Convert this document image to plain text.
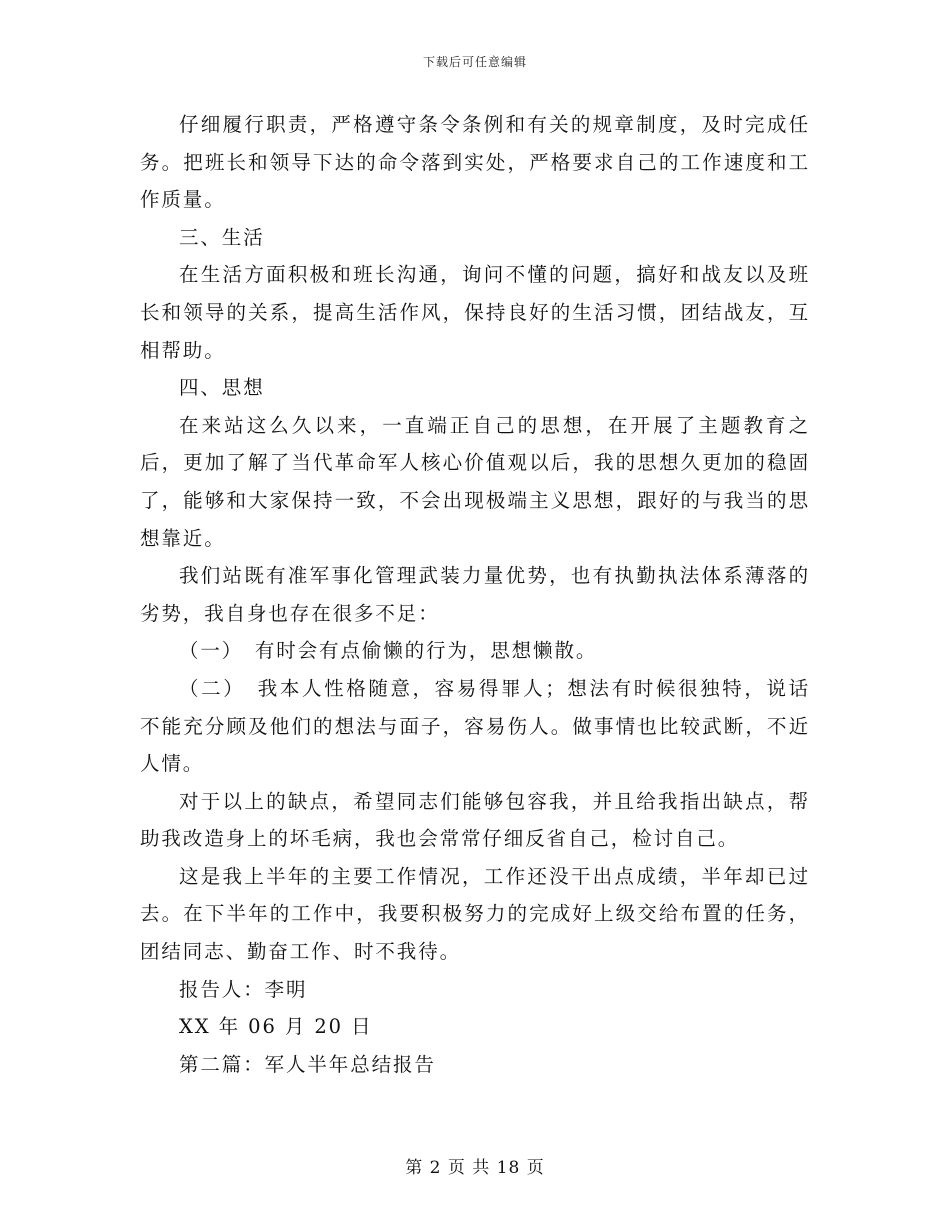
下载后可任意编辑

仔细履行职责，严格遵守条令条例和有关的规章制度，及时完成任务。把班长和领导下达的命令落到实处，严格要求自己的工作速度和工作质量。

三、生活

在生活方面积极和班长沟通，询问不懂的问题，搞好和战友以及班长和领导的关系，提高生活作风，保持良好的生活习惯，团结战友，互相帮助。

四、思想

在来站这么久以来，一直端正自己的思想，在开展了主题教育之后，更加了解了当代革命军人核心价值观以后，我的思想久更加的稳固了，能够和大家保持一致，不会出现极端主义思想，跟好的与我当的思想靠近。

我们站既有准军事化管理武装力量优势，也有执勤执法体系薄落的劣势，我自身也存在很多不足：

（一）　有时会有点偷懒的行为，思想懒散。

（二）　我本人性格随意，容易得罪人；想法有时候很独特，说话不能充分顾及他们的想法与面子，容易伤人。做事情也比较武断，不近人情。

对于以上的缺点，希望同志们能够包容我，并且给我指出缺点，帮助我改造身上的坏毛病，我也会常常仔细反省自己，检讨自己。

这是我上半年的主要工作情况，工作还没干出点成绩，半年却已过去。在下半年的工作中，我要积极努力的完成好上级交给布置的任务，团结同志、勤奋工作、时不我待。

报告人：李明

XX 年 06 月 20 日

第二篇：军人半年总结报告

第 2 页 共 18 页
